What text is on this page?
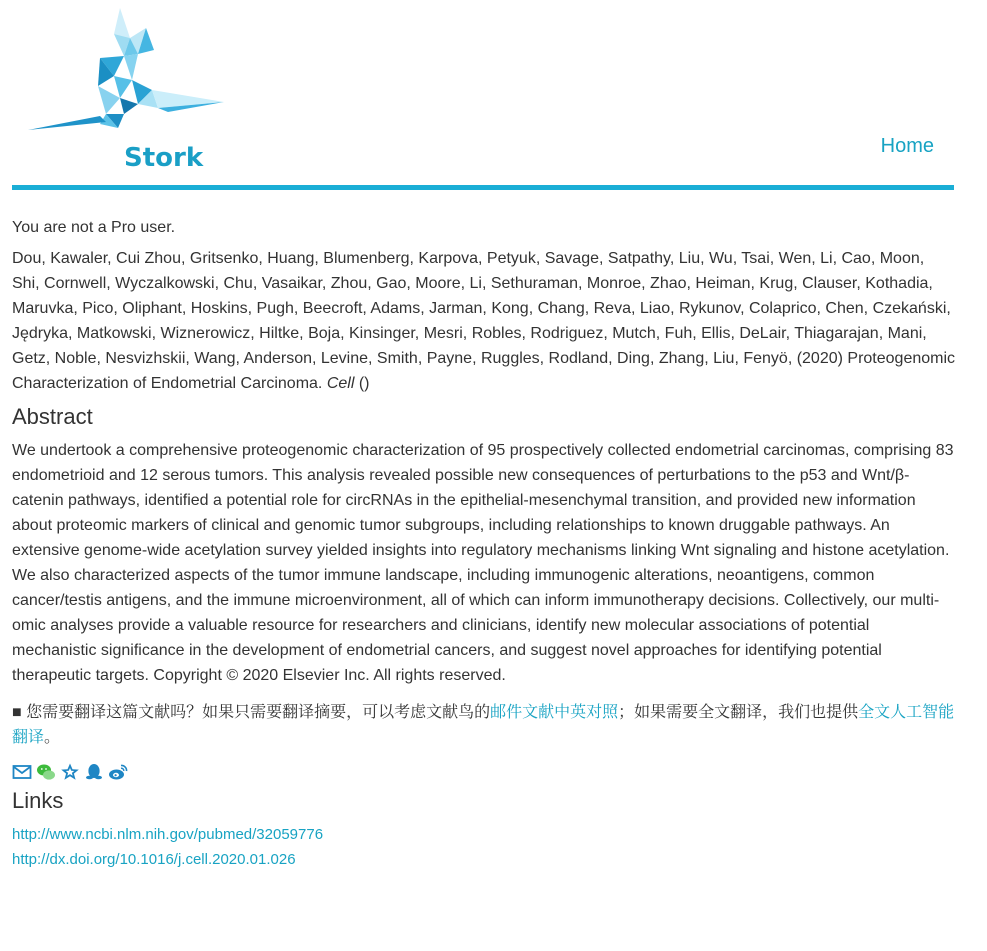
Stork	Home

You are not a Pro user.

Dou, Kawaler, Cui Zhou, Gritsenko, Huang, Blumenberg, Karpova, Petyuk, Savage, Satpathy, Liu, Wu, Tsai, Wen, Li, Cao, Moon, Shi, Cornwell, Wyczalkowski, Chu, Vasaikar, Zhou, Gao, Moore, Li, Sethuraman, Monroe, Zhao, Heiman, Krug, Clauser, Kothadia, Maruvka, Pico, Oliphant, Hoskins, Pugh, Beecroft, Adams, Jarman, Kong, Chang, Reva, Liao, Rykunov, Colaprico, Chen, Czekański, Jędryka, Matkowski, Wiznerowicz, Hiltke, Boja, Kinsinger, Mesri, Robles, Rodriguez, Mutch, Fuh, Ellis, DeLair, Thiagarajan, Mani, Getz, Noble, Nesvizhskii, Wang, Anderson, Levine, Smith, Payne, Ruggles, Rodland, Ding, Zhang, Liu, Fenyö, (2020) Proteogenomic Characterization of Endometrial Carcinoma. Cell ()

Abstract

We undertook a comprehensive proteogenomic characterization of 95 prospectively collected endometrial carcinomas, comprising 83 endometrioid and 12 serous tumors. This analysis revealed possible new consequences of perturbations to the p53 and Wnt/β-catenin pathways, identified a potential role for circRNAs in the epithelial-mesenchymal transition, and provided new information about proteomic markers of clinical and genomic tumor subgroups, including relationships to known druggable pathways. An extensive genome-wide acetylation survey yielded insights into regulatory mechanisms linking Wnt signaling and histone acetylation. We also characterized aspects of the tumor immune landscape, including immunogenic alterations, neoantigens, common cancer/testis antigens, and the immune microenvironment, all of which can inform immunotherapy decisions. Collectively, our multi-omic analyses provide a valuable resource for researchers and clinicians, identify new molecular associations of potential mechanistic significance in the development of endometrial cancers, and suggest novel approaches for identifying potential therapeutic targets. Copyright © 2020 Elsevier Inc. All rights reserved.

■ 您需要翻译这篇文献吗？如果只需要翻译摘要，可以考虑文献鸟的邮件文献中英对照；如果需要全文翻译，我们也提供全文人工智能翻译。

Links
http://www.ncbi.nlm.nih.gov/pubmed/32059776
http://dx.doi.org/10.1016/j.cell.2020.01.026
